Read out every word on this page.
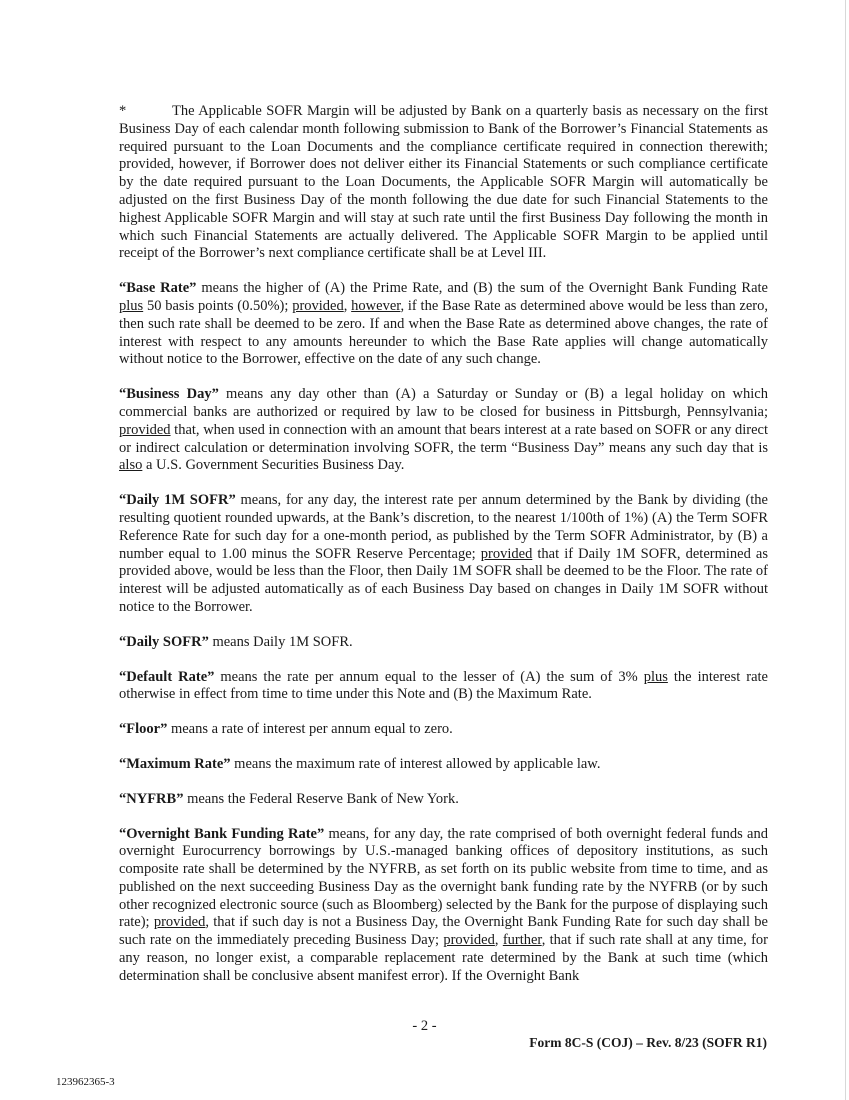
*	The Applicable SOFR Margin will be adjusted by Bank on a quarterly basis as necessary on the first Business Day of each calendar month following submission to Bank of the Borrower’s Financial Statements as required pursuant to the Loan Documents and the compliance certificate required in connection therewith; provided, however, if Borrower does not deliver either its Financial Statements or such compliance certificate by the date required pursuant to the Loan Documents, the Applicable SOFR Margin will automatically be adjusted on the first Business Day of the month following the due date for such Financial Statements to the highest Applicable SOFR Margin and will stay at such rate until the first Business Day following the month in which such Financial Statements are actually delivered. The Applicable SOFR Margin to be applied until receipt of the Borrower’s next compliance certificate shall be at Level III.

“Base Rate” means the higher of (A) the Prime Rate, and (B) the sum of the Overnight Bank Funding Rate plus 50 basis points (0.50%); provided, however, if the Base Rate as determined above would be less than zero, then such rate shall be deemed to be zero. If and when the Base Rate as determined above changes, the rate of interest with respect to any amounts hereunder to which the Base Rate applies will change automatically without notice to the Borrower, effective on the date of any such change.

“Business Day” means any day other than (A) a Saturday or Sunday or (B) a legal holiday on which commercial banks are authorized or required by law to be closed for business in Pittsburgh, Pennsylvania; provided that, when used in connection with an amount that bears interest at a rate based on SOFR or any direct or indirect calculation or determination involving SOFR, the term “Business Day” means any such day that is also a U.S. Government Securities Business Day.

“Daily 1M SOFR” means, for any day, the interest rate per annum determined by the Bank by dividing (the resulting quotient rounded upwards, at the Bank’s discretion, to the nearest 1/100th of 1%) (A) the Term SOFR Reference Rate for such day for a one-month period, as published by the Term SOFR Administrator, by (B) a number equal to 1.00 minus the SOFR Reserve Percentage; provided that if Daily 1M SOFR, determined as provided above, would be less than the Floor, then Daily 1M SOFR shall be deemed to be the Floor. The rate of interest will be adjusted automatically as of each Business Day based on changes in Daily 1M SOFR without notice to the Borrower.

“Daily SOFR” means Daily 1M SOFR.

“Default Rate” means the rate per annum equal to the lesser of (A) the sum of 3% plus the interest rate otherwise in effect from time to time under this Note and (B) the Maximum Rate.

“Floor” means a rate of interest per annum equal to zero.

“Maximum Rate” means the maximum rate of interest allowed by applicable law.

“NYFRB” means the Federal Reserve Bank of New York.

“Overnight Bank Funding Rate” means, for any day, the rate comprised of both overnight federal funds and overnight Eurocurrency borrowings by U.S.-managed banking offices of depository institutions, as such composite rate shall be determined by the NYFRB, as set forth on its public website from time to time, and as published on the next succeeding Business Day as the overnight bank funding rate by the NYFRB (or by such other recognized electronic source (such as Bloomberg) selected by the Bank for the purpose of displaying such rate); provided, that if such day is not a Business Day, the Overnight Bank Funding Rate for such day shall be such rate on the immediately preceding Business Day; provided, further, that if such rate shall at any time, for any reason, no longer exist, a comparable replacement rate determined by the Bank at such time (which determination shall be conclusive absent manifest error). If the Overnight Bank

- 2 -
Form 8C-S (COJ) – Rev. 8/23 (SOFR R1)
123962365-3
